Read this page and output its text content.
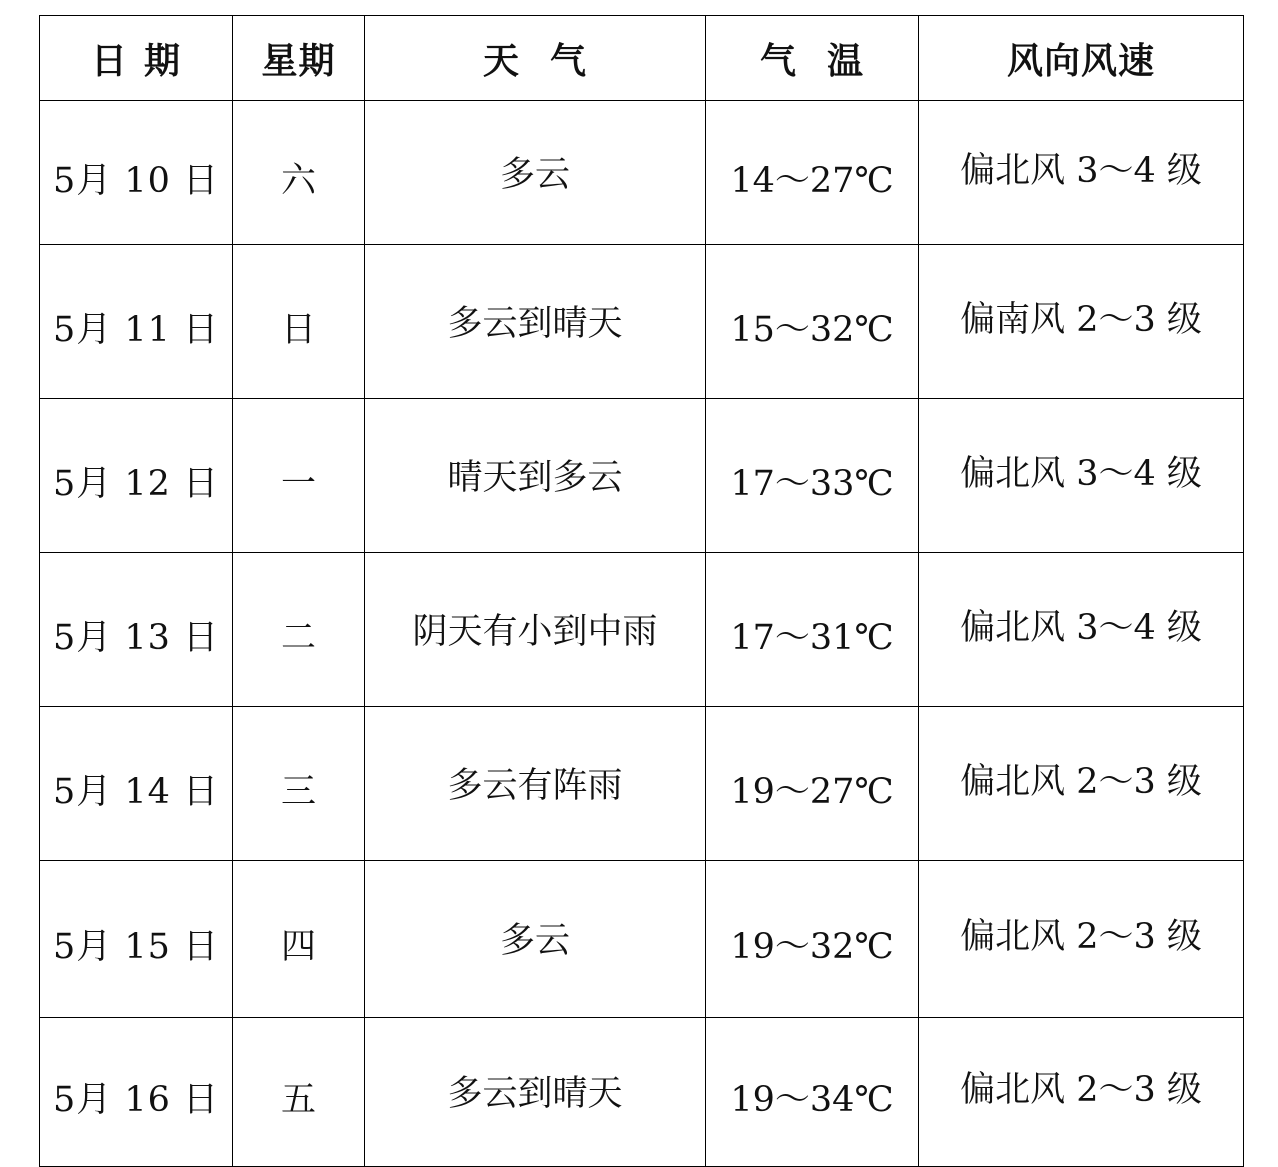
日 期	星期	天 气	气 温	风向风速
5月 10 日	六	多云	14～27℃	偏北风 3～4 级
5月 11 日	日	多云到晴天	15～32℃	偏南风 2～3 级
5月 12 日	一	晴天到多云	17～33℃	偏北风 3～4 级
5月 13 日	二	阴天有小到中雨	17～31℃	偏北风 3～4 级
5月 14 日	三	多云有阵雨	19～27℃	偏北风 2～3 级
5月 15 日	四	多云	19～32℃	偏北风 2～3 级
5月 16 日	五	多云到晴天	19～34℃	偏北风 2～3 级
